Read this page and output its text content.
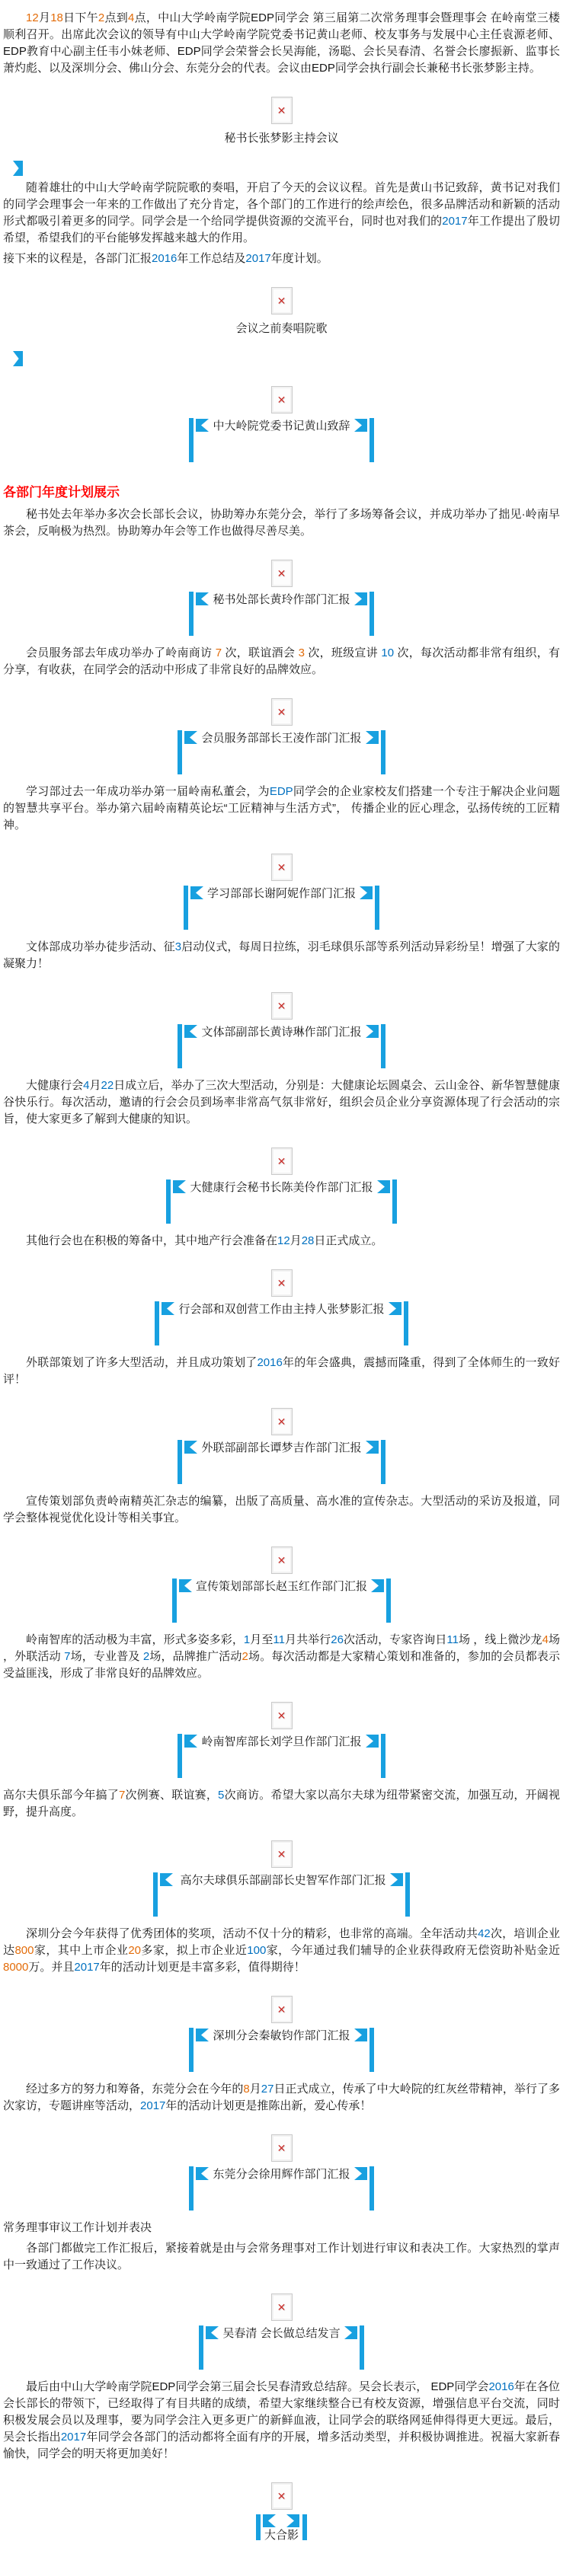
12月18日下午2点到4点，中山大学岭南学院EDP同学会 第三届第二次常务理事会暨理事会 在岭南堂三楼顺利召开。出席此次会议的领导有中山大学岭南学院党委书记黄山老师、校友事务与发展中心主任袁源老师、EDP教育中心副主任韦小妹老师、EDP同学会荣誉会长吴海能，汤聪、会长吴春清、名誉会长廖振新、监事长萧灼彪、以及深圳分会、佛山分会、东莞分会的代表。会议由EDP同学会执行副会长兼秘书长张梦影主持。

✕
秘书长张梦影主持会议

随着雄壮的中山大学岭南学院院歌的奏唱，开启了今天的会议议程。首先是黄山书记致辞，黄书记对我们的同学会理事会一年来的工作做出了充分肯定，各个部门的工作进行的绘声绘色，很多品牌活动和新颖的活动形式都吸引着更多的同学。同学会是一个给同学提供资源的交流平台，同时也对我们的2017年工作提出了殷切希望，希望我们的平台能够发挥越来越大的作用。

接下来的议程是，各部门汇报2016年工作总结及2017年度计划。

✕
会议之前奏唱院歌
✕
中大岭院党委书记黄山致辞
各部门年度计划展示

秘书处去年举办多次会长部长会议，协助筹办东莞分会，举行了多场筹备会议，并成功举办了拙见·岭南早茶会，反响极为热烈。协助筹办年会等工作也做得尽善尽美。

✕
秘书处部长黄玲作部门汇报

会员服务部去年成功举办了岭南商访 7 次，联谊酒会 3 次，班级宣讲 10 次，每次活动都非常有组织，有分享，有收获，在同学会的活动中形成了非常良好的品牌效应。

✕
会员服务部部长王凌作部门汇报

学习部过去一年成功举办第一届岭南私董会，为EDP同学会的企业家校友们搭建一个专注于解决企业问题的智慧共享平台。举办第六届岭南精英论坛“工匠精神与生活方式”， 传播企业的匠心理念，弘扬传统的工匠精神。

✕
学习部部长谢阿妮作部门汇报

文体部成功举办徒步活动、征3启动仪式，每周日拉练，羽毛球俱乐部等系列活动异彩纷呈！增强了大家的凝聚力！

✕
文体部副部长黄诗琳作部门汇报

大健康行会4月22日成立后，举办了三次大型活动，分别是：大健康论坛圆桌会、云山金谷、新华智慧健康谷快乐行。每次活动，邀请的行会会员到场率非常高气氛非常好，组织会员企业分享资源体现了行会活动的宗旨，使大家更多了解到大健康的知识。

✕
大健康行会秘书长陈美伶作部门汇报

其他行会也在积极的筹备中，其中地产行会准备在12月28日正式成立。

✕
行会部和双创营工作由主持人张梦影汇报

外联部策划了许多大型活动，并且成功策划了2016年的年会盛典，震撼而隆重，得到了全体师生的一致好评！

✕
外联部副部长谭梦吉作部门汇报

宣传策划部负责岭南精英汇杂志的编纂，出版了高质量、高水准的宣传杂志。大型活动的采访及报道，同学会整体视觉优化设计等相关事宜。

✕
宣传策划部部长赵玉红作部门汇报

岭南智库的活动极为丰富，形式多姿多彩，1月至11月共举行26次活动，专家咨询日11场 ，线上微沙龙4场 ，外联活动 7场，专业普及 2场，品牌推广活动2场。每次活动都是大家精心策划和准备的，参加的会员都表示受益匪浅，形成了非常良好的品牌效应。

✕
岭南智库部长刘学旦作部门汇报

高尔夫俱乐部今年搞了7次例赛、联谊赛，5次商访。希望大家以高尔夫球为纽带紧密交流，加强互动，开阔视野，提升高度。

✕
高尔夫球俱乐部副部长史智军作部门汇报

深圳分会今年获得了优秀团体的奖项，活动不仅十分的精彩，也非常的高端。全年活动共42次，培训企业达800家，其中上市企业20多家，拟上市企业近100家，今年通过我们辅导的企业获得政府无偿资助补贴金近8000万。并且2017年的活动计划更是丰富多彩，值得期待！

✕
深圳分会秦敏钧作部门汇报

经过多方的努力和筹备，东莞分会在今年的8月27日正式成立，传承了中大岭院的红灰丝带精神，举行了多次家访，专题讲座等活动，2017年的活动计划更是推陈出新，爱心传承！

✕
东莞分会徐用辉作部门汇报

常务理事审议工作计划并表决

各部门都做完工作汇报后，紧接着就是由与会常务理事对工作计划进行审议和表决工作。大家热烈的掌声中一致通过了工作决议。

✕
吴春清 会长做总结发言

最后由中山大学岭南学院EDP同学会第三届会长吴春清致总结辞。吴会长表示， EDP同学会2016年在各位会长部长的带领下，已经取得了有目共睹的成绩，希望大家继续整合已有校友资源，增强信息平台交流，同时积极发展会员以及理事，要为同学会注入更多更广的新鲜血液，让同学会的联络网延伸得得更大更远。最后，吴会长指出2017年同学会各部门的活动都将全面有序的开展，增多活动类型，并积极协调推进。祝福大家新春愉快，同学会的明天将更加美好！

✕
大合影
